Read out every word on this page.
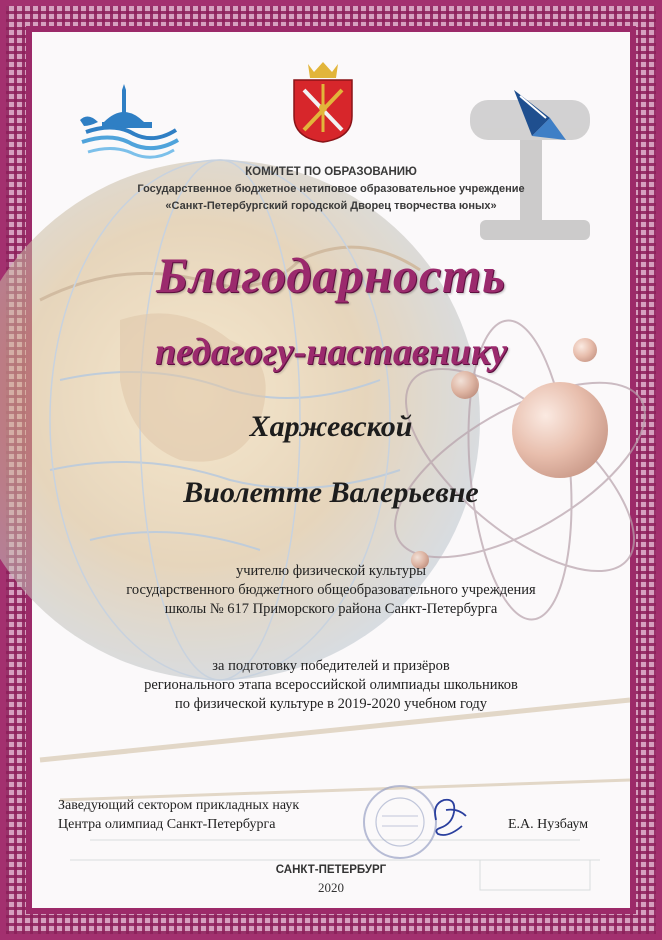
КОМИТЕТ ПО ОБРАЗОВАНИЮ
Государственное бюджетное нетиповое образовательное учреждение
«Санкт-Петербургский городской Дворец творчества юных»
Благодарность
педагогу-наставнику
Харжевской
Виолетте Валерьевне
учителю физической культуры
государственного бюджетного общеобразовательного учреждения
школы № 617 Приморского района Санкт-Петербурга
за подготовку победителей и призёров
регионального этапа всероссийской олимпиады школьников
по физической культуре в 2019-2020 учебном году
Заведующий сектором прикладных наук
Центра олимпиад Санкт-Петербурга	Е.А. Нузбаум
САНКТ-ПЕТЕРБУРГ
2020
